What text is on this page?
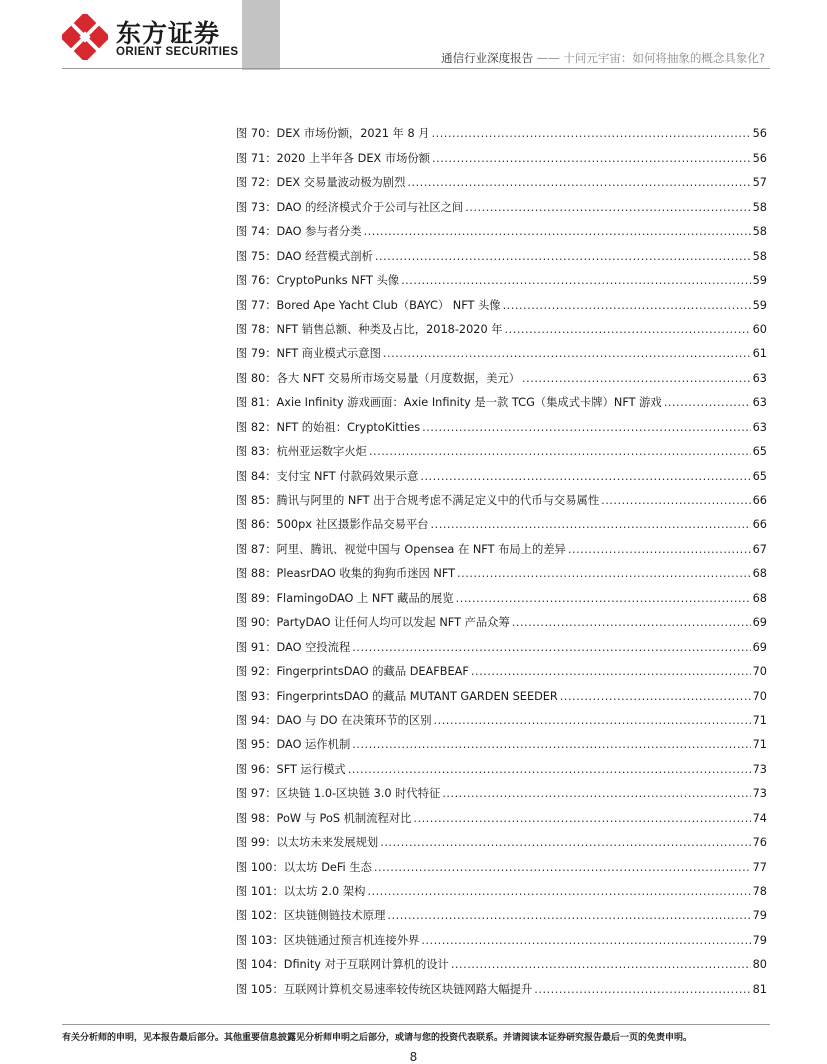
东方证券
ORIENT SECURITIES	通信行业深度报告 —— 十问元宇宙：如何将抽象的概念具象化?
图 70：DEX 市场份额，2021 年 8 月 .....	56
图 71：2020 上半年各 DEX 市场份额 .....	56
图 72：DEX 交易量波动极为剧烈 .....	57
图 73：DAO 的经济模式介于公司与社区之间 .....	58
图 74：DAO 参与者分类 .....	58
图 75：DAO 经营模式剖析 .....	58
图 76：CryptoPunks NFT 头像 .....	59
图 77：Bored Ape Yacht Club（BAYC） NFT 头像 .....	59
图 78：NFT 销售总额、种类及占比，2018-2020 年 .....	60
图 79：NFT 商业模式示意图 .....	61
图 80：各大 NFT 交易所市场交易量（月度数据，美元） .....	63
图 81：Axie Infinity 游戏画面：Axie Infinity 是一款 TCG（集成式卡牌）NFT 游戏 .....	63
图 82：NFT 的始祖：CryptoKitties .....	63
图 83：杭州亚运数字火炬 .....	65
图 84：支付宝 NFT 付款码效果示意 .....	65
图 85：腾讯与阿里的 NFT 出于合规考虑不满足定义中的代币与交易属性 .....	66
图 86：500px 社区摄影作品交易平台 .....	66
图 87：阿里、腾讯、视觉中国与 Opensea 在 NFT 布局上的差异 .....	67
图 88：PleasrDAO 收集的狗狗币迷因 NFT .....	68
图 89：FlamingoDAO 上 NFT 藏品的展览 .....	68
图 90：PartyDAO 让任何人均可以发起 NFT 产品众筹 .....	69
图 91：DAO 空投流程 .....	69
图 92：FingerprintsDAO 的藏品 DEAFBEAF .....	70
图 93：FingerprintsDAO 的藏品 MUTANT GARDEN SEEDER .....	70
图 94：DAO 与 DO 在决策环节的区别 .....	71
图 95：DAO 运作机制 .....	71
图 96：SFT 运行模式 .....	73
图 97：区块链 1.0-区块链 3.0 时代特征 .....	73
图 98：PoW 与 PoS 机制流程对比 .....	74
图 99：以太坊未来发展规划 .....	76
图 100：以太坊 DeFi 生态 .....	77
图 101：以太坊 2.0 架构 .....	78
图 102：区块链侧链技术原理 .....	79
图 103：区块链通过预言机连接外界 .....	79
图 104：Dfinity 对于互联网计算机的设计 .....	80
图 105：互联网计算机交易速率较传统区块链网路大幅提升 .....	81
有关分析师的申明，见本报告最后部分。其他重要信息披露见分析师申明之后部分，或请与您的投资代表联系。并请阅读本证券研究报告最后一页的免责申明。
8
